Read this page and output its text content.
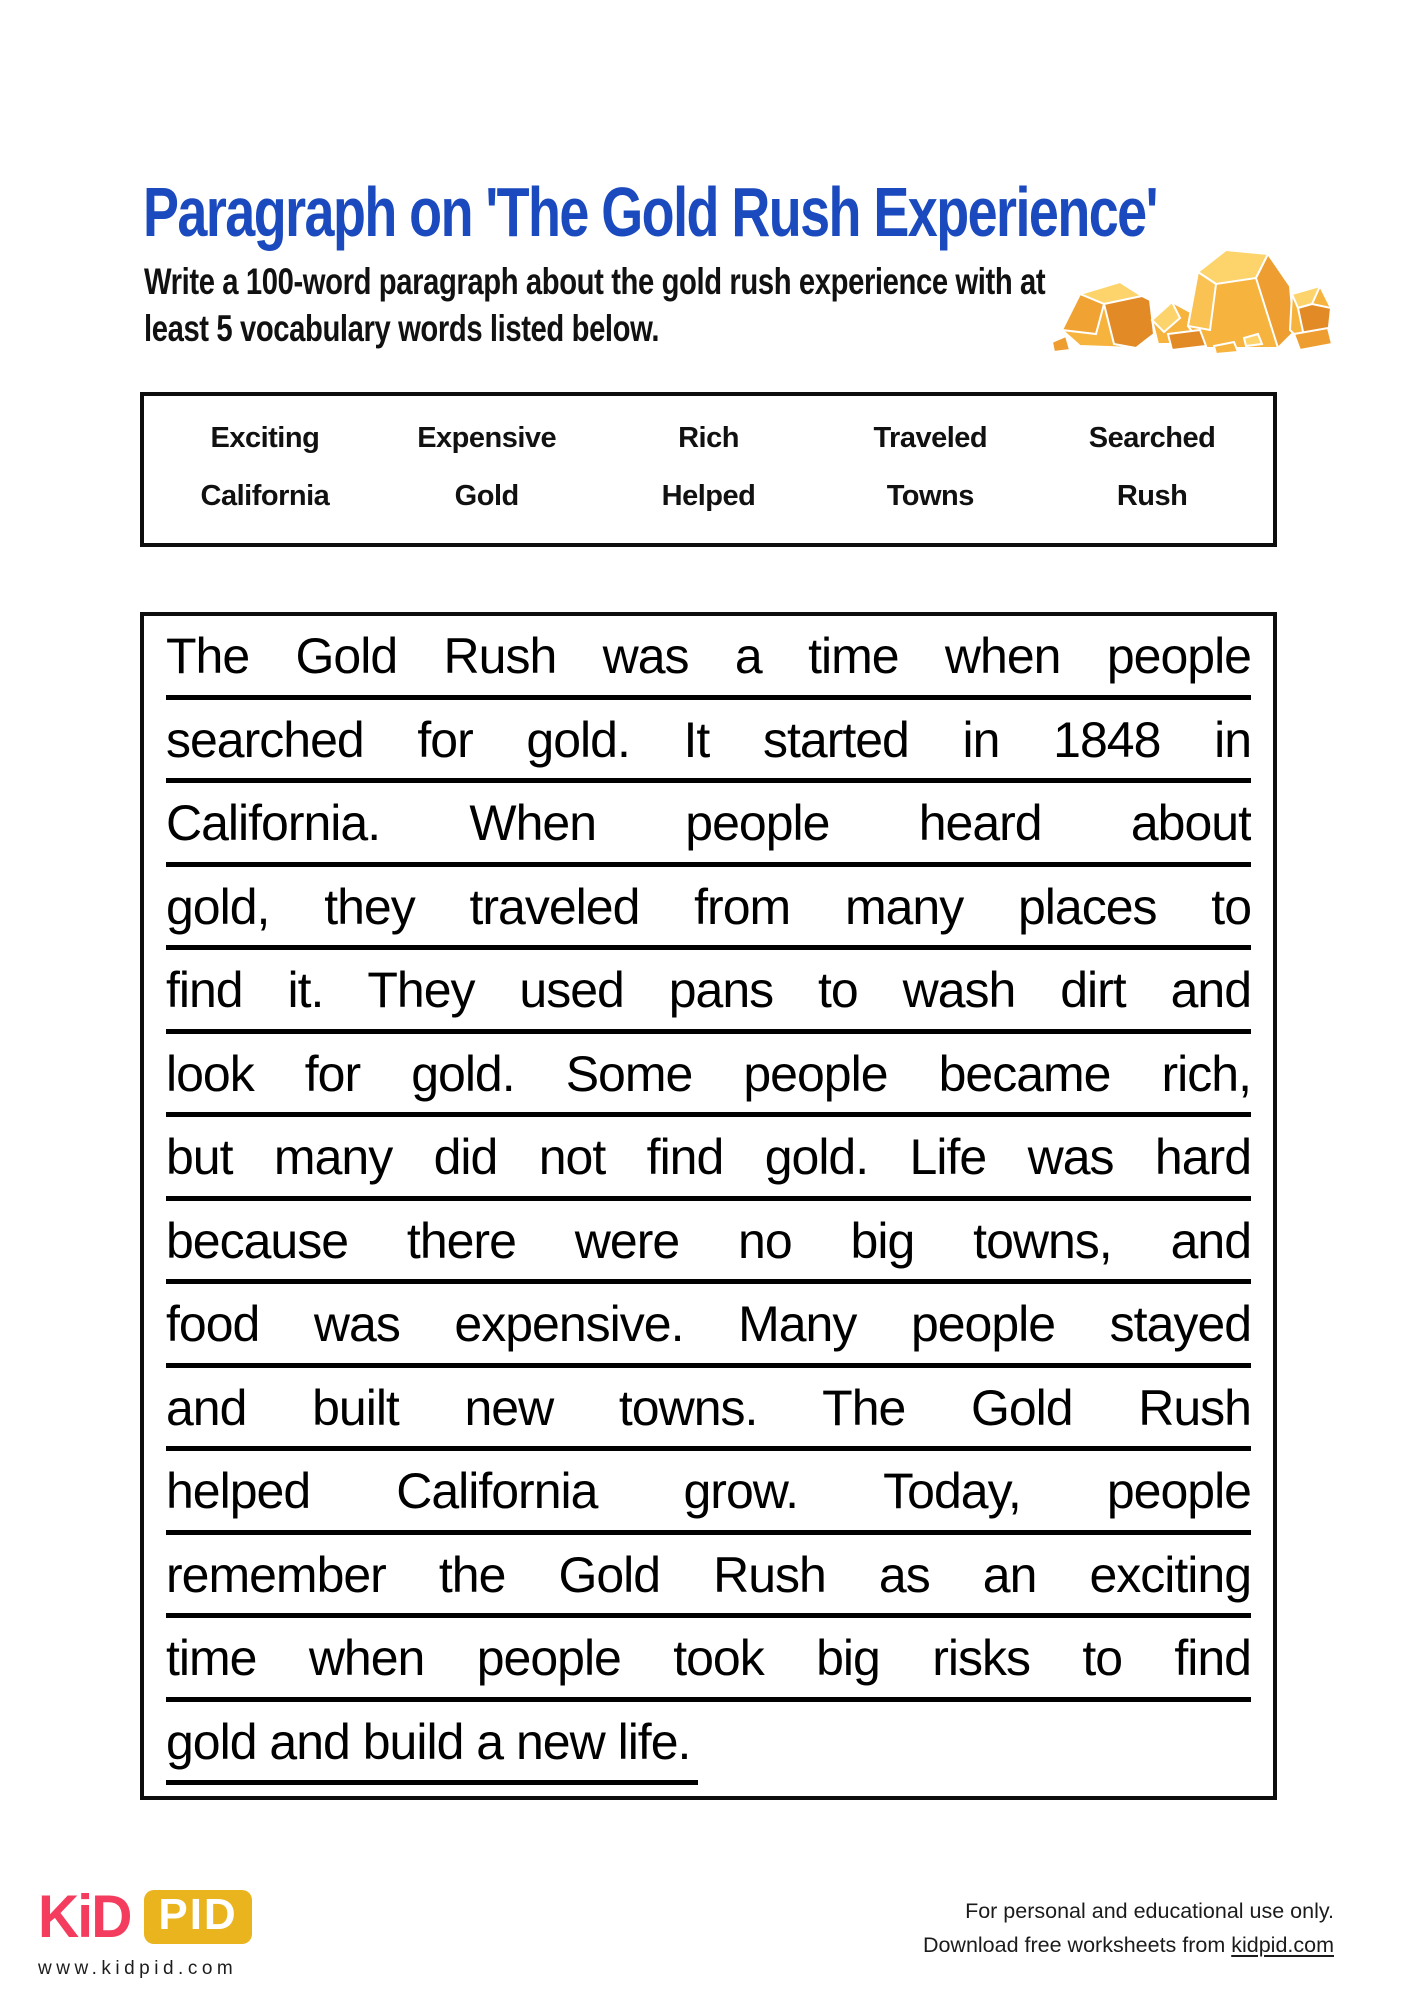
Paragraph on 'The Gold Rush Experience'
Write a 100-word paragraph about the gold rush experience with at
least 5 vocabulary words listed below.
Exciting	Expensive	Rich	Traveled	Searched
California	Gold	Helped	Towns	Rush
The Gold Rush was a time when people
searched for gold. It started in 1848 in
California. When people heard about
gold, they traveled from many places to
find it. They used pans to wash dirt and
look for gold. Some people became rich,
but many did not find gold. Life was hard
because there were no big towns, and
food was expensive. Many people stayed
and built new towns. The Gold Rush
helped California grow. Today, people
remember the Gold Rush as an exciting
time when people took big risks to find
gold and build a new life.
KiD PID
www.kidpid.com
For personal and educational use only.
Download free worksheets from kidpid.com
